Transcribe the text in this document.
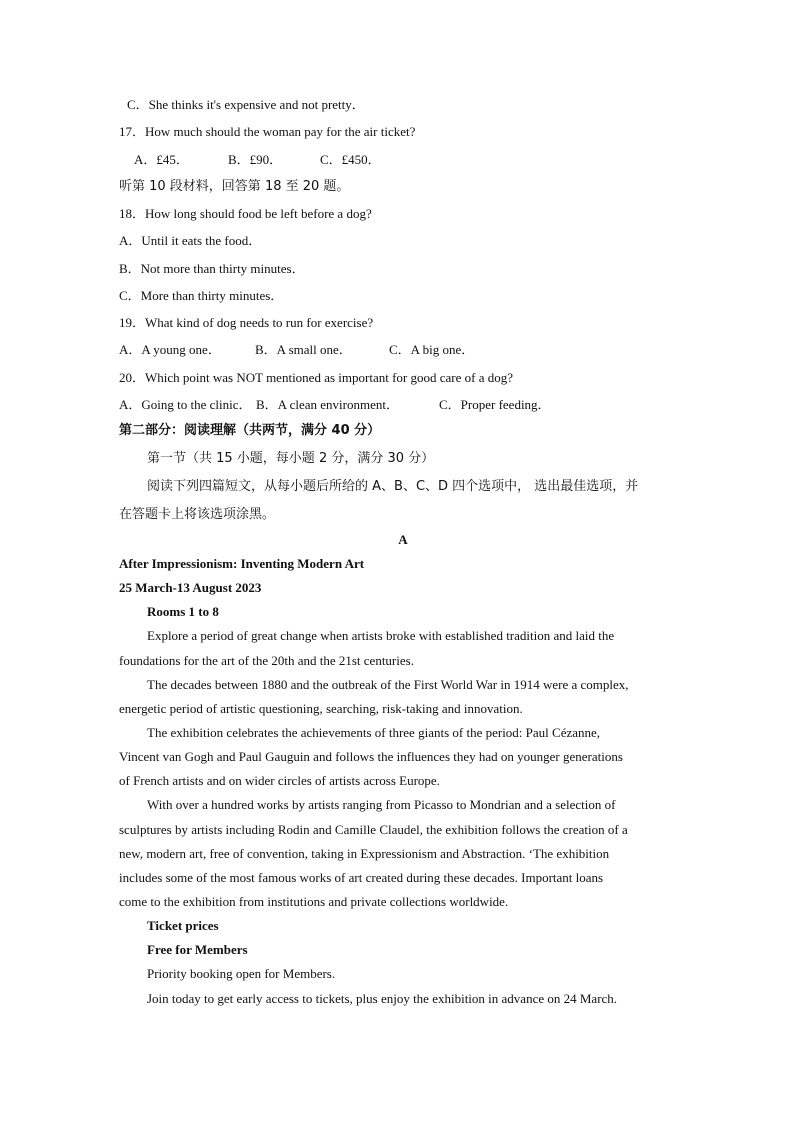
C．She thinks it's expensive and not pretty．
17．How much should the woman pay for the air ticket?
A．£45．	B．£90．	C．£450．
听第 10 段材料，回答第 18 至 20 题。
18．How long should food be left before a dog?
A．Until it eats the food．
B．Not more than thirty minutes．
C．More than thirty minutes．
19．What kind of dog needs to run for exercise?
A．A young one．	B．A small one．	C．A big one．
20．Which point was NOT mentioned as important for good care of a dog?
A．Going to the clinic． B．A clean environment．	C．Proper feeding．
第二部分：阅读理解（共两节，满分 40 分）
第一节（共 15 小题，每小题 2 分，满分 30 分）
阅读下列四篇短文，从每小题后所给的 A、B、C、D 四个选项中， 选出最佳选项，并
在答题卡上将该选项涂黑。
A
After Impressionism: Inventing Modern Art
25 March-13 August 2023
Rooms 1 to 8
Explore a period of great change when artists broke with established tradition and laid the
foundations for the art of the 20th and the 21st centuries.
The decades between 1880 and the outbreak of the First World War in 1914 were a complex,
energetic period of artistic questioning, searching, risk-taking and innovation.
The exhibition celebrates the achievements of three giants of the period: Paul Cézanne,
Vincent van Gogh and Paul Gauguin and follows the influences they had on younger generations
of French artists and on wider circles of artists across Europe.
With over a hundred works by artists ranging from Picasso to Mondrian and a selection of
sculptures by artists including Rodin and Camille Claudel, the exhibition follows the creation of a
new, modern art, free of convention, taking in Expressionism and Abstraction. ‘The exhibition
includes some of the most famous works of art created during these decades. Important loans
come to the exhibition from institutions and private collections worldwide.
Ticket prices
Free for Members
Priority booking open for Members.
Join today to get early access to tickets, plus enjoy the exhibition in advance on 24 March.
